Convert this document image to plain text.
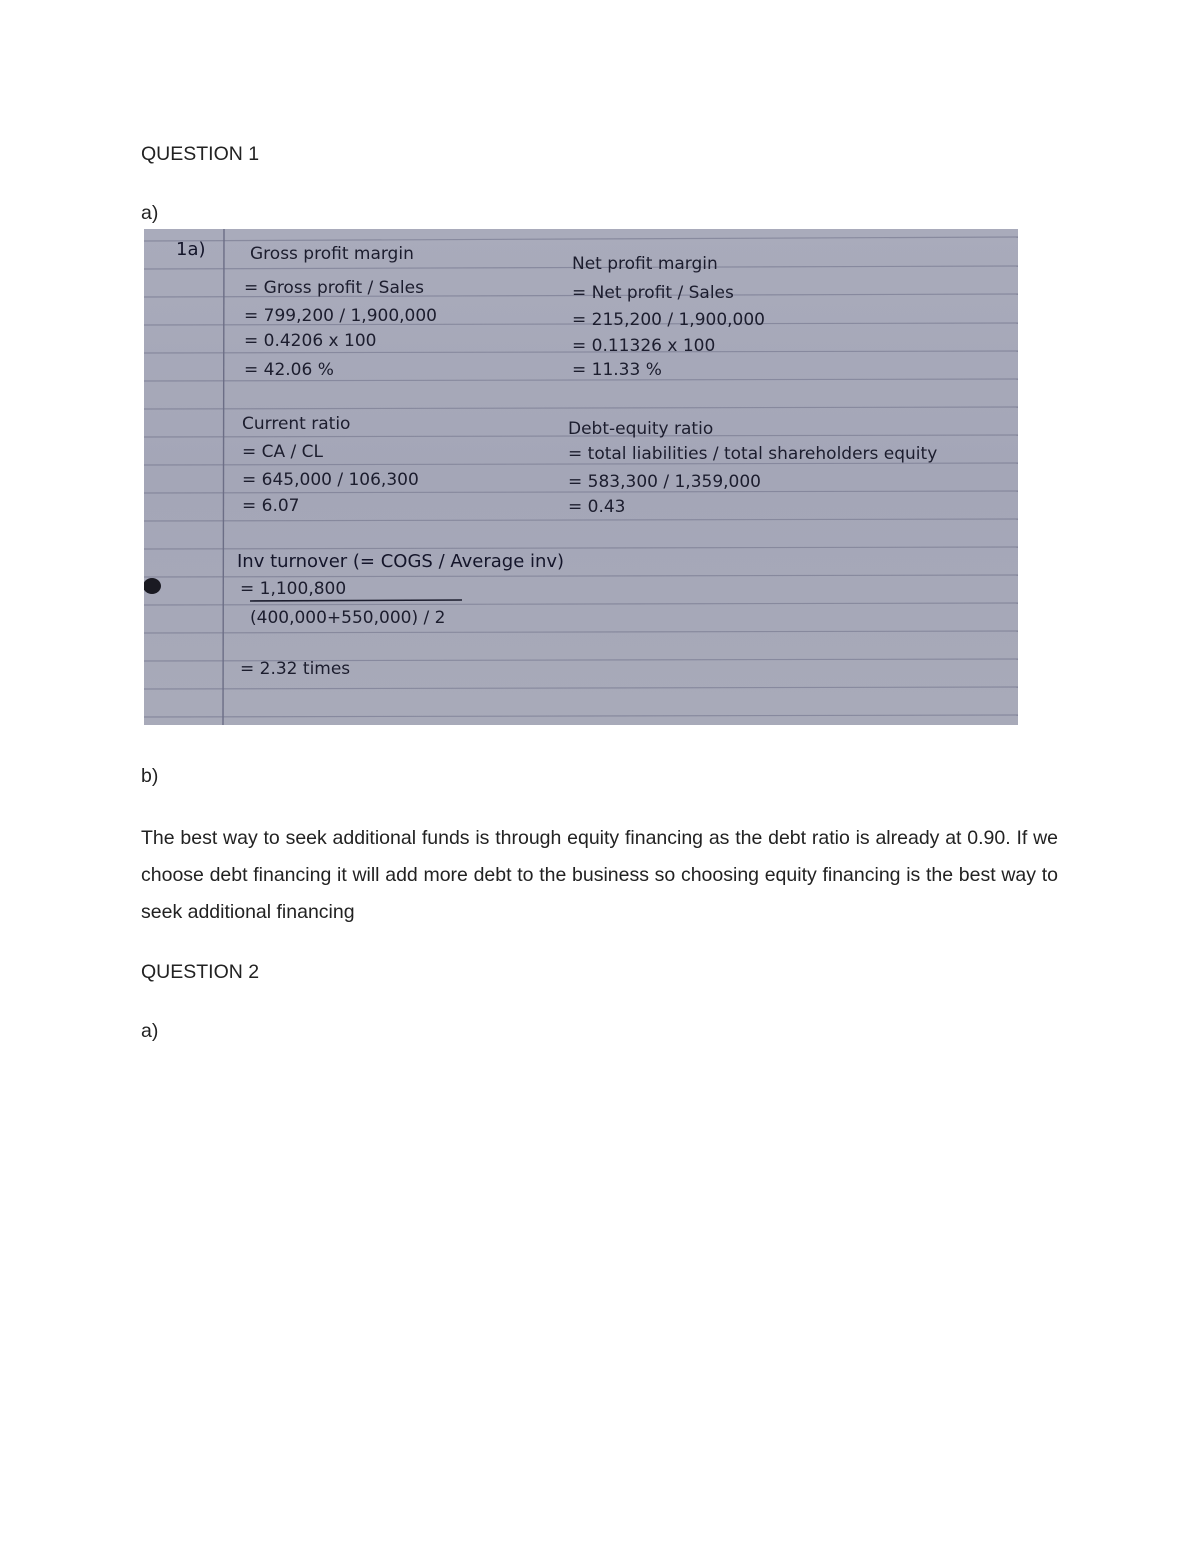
QUESTION 1
a)
1a)	Gross profit margin
= Gross profit / Sales
= 799,200 / 1,900,000
= 0.4206 x 100
= 42.06 %
Net profit margin
= Net profit / Sales
= 215,200 / 1,900,000
= 0.11326 x 100
= 11.33 %
Current ratio
= CA / CL
= 645,000 / 106,300
= 6.07
Debt-equity ratio
= total liabilities / total shareholders equity
= 583,300 / 1,359,000
= 0.43
Inv turnover (= COGS / Average inv)
= 1,100,800
(400,000+550,000) / 2
= 2.32 times
b)
The best way to seek additional funds is through equity financing as the debt ratio is already at 0.90. If we choose debt financing it will add more debt to the business so choosing equity financing is the best way to seek additional financing
QUESTION 2
a)
